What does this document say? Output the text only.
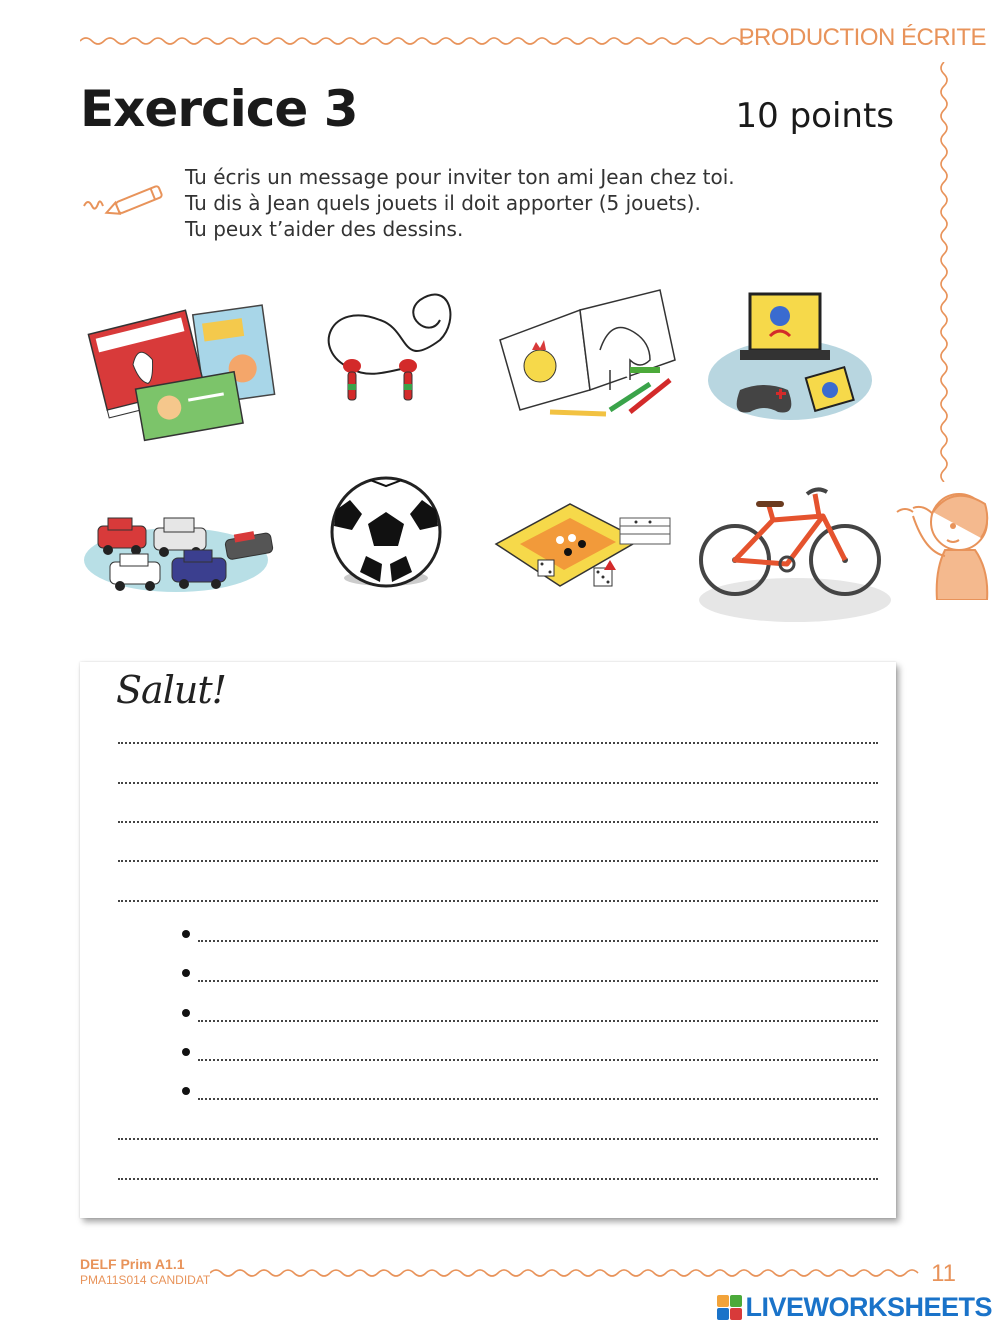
PRODUCTION ÉCRITE
Exercice 3	10 points
Tu écris un message pour inviter ton ami Jean chez toi.
Tu dis à Jean quels jouets il doit apporter (5 jouets).
Tu peux t’aider des dessins.
Salut!
DELF Prim A1.1
PMA11S014 CANDIDAT	11
LIVEWORKSHEETS
